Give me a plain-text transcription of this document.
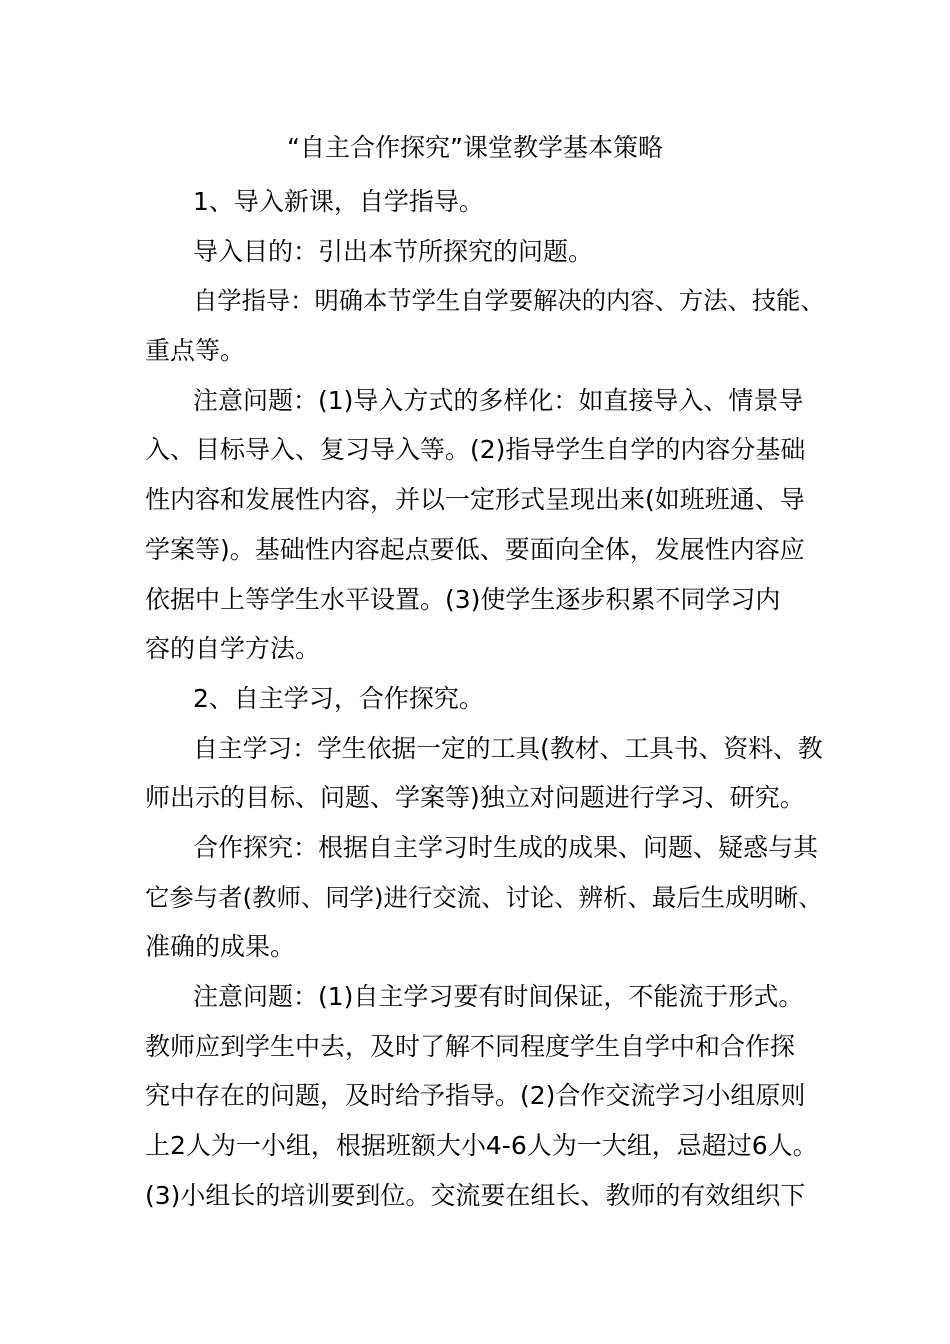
“自主合作探究”课堂教学基本策略
1、导入新课，自学指导。
导入目的：引出本节所探究的问题。
自学指导：明确本节学生自学要解决的内容、方法、技能、
重点等。
注意问题：(1)导入方式的多样化：如直接导入、情景导
入、目标导入、复习导入等。(2)指导学生自学的内容分基础
性内容和发展性内容，并以一定形式呈现出来(如班班通、导
学案等)。基础性内容起点要低、要面向全体，发展性内容应
依据中上等学生水平设置。(3)使学生逐步积累不同学习内
容的自学方法。
2、自主学习，合作探究。
自主学习：学生依据一定的工具(教材、工具书、资料、教
师出示的目标、问题、学案等)独立对问题进行学习、研究。
合作探究：根据自主学习时生成的成果、问题、疑惑与其
它参与者(教师、同学)进行交流、讨论、辨析、最后生成明晰、
准确的成果。
注意问题：(1)自主学习要有时间保证，不能流于形式。
教师应到学生中去，及时了解不同程度学生自学中和合作探
究中存在的问题，及时给予指导。(2)合作交流学习小组原则
上2人为一小组，根据班额大小4-6人为一大组，忌超过6人。
(3)小组长的培训要到位。交流要在组长、教师的有效组织下
